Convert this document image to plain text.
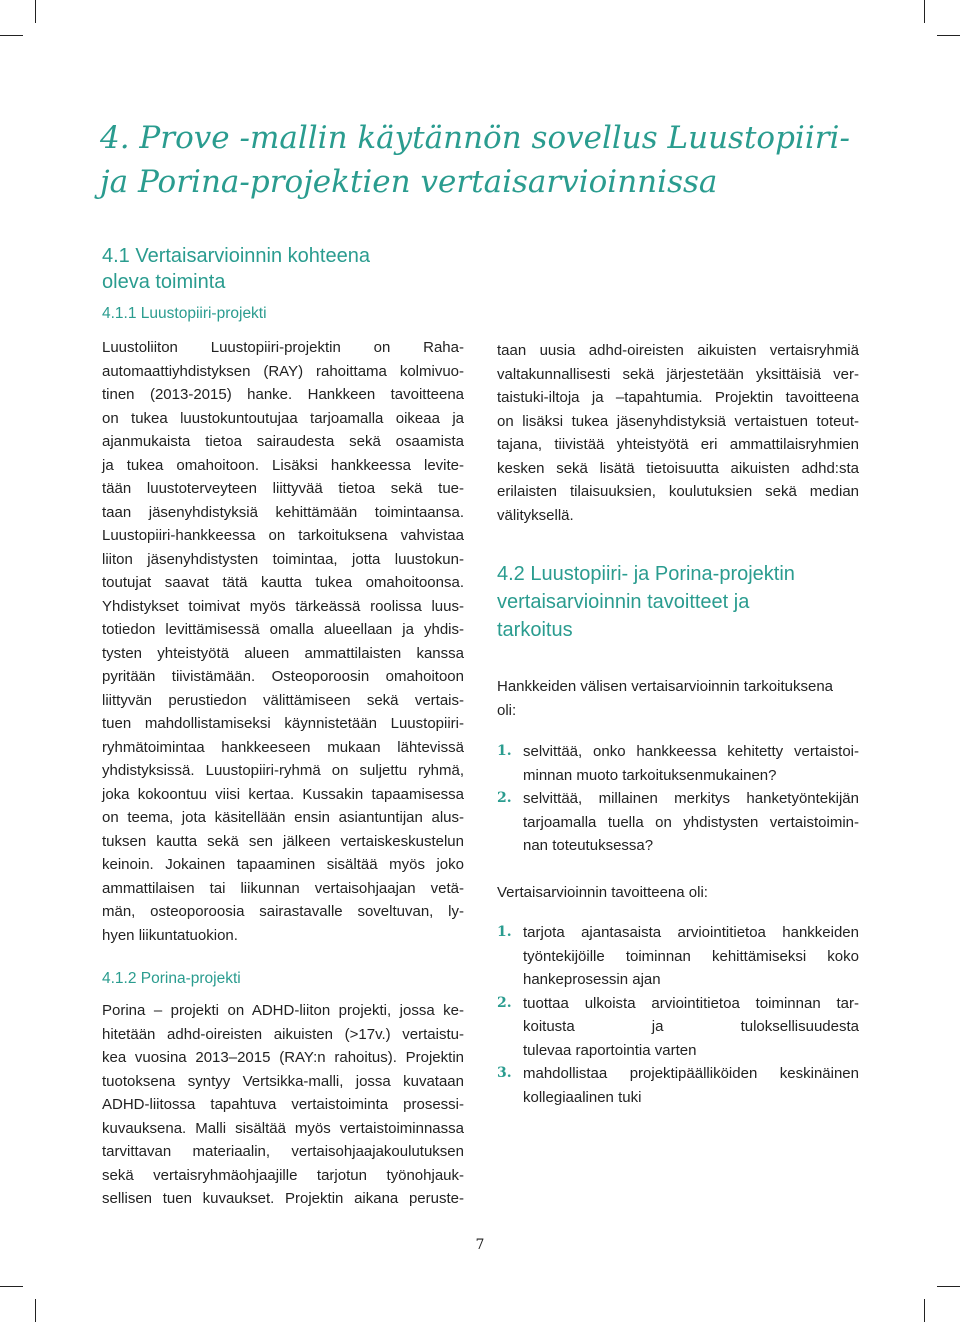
4. Prove -mallin käytännön sovellus Luustopiiri-
ja Porina-projektien vertaisarvioinnissa
4.1 Vertaisarvioinnin kohteena
oleva toiminta
4.1.1 Luustopiiri-projekti

Luustoliiton Luustopiiri-projektin on Raha-
automaattiyhdistyksen (RAY) rahoittama kolmivuo-
tinen (2013-2015) hanke. Hankkeen tavoitteena
on tukea luustokuntoutujaa tarjoamalla oikeaa ja
ajanmukaista tietoa sairaudesta sekä osaamista
ja tukea omahoitoon. Lisäksi hankkeessa levite-
tään luustoterveyteen liittyvää tietoa sekä tue-
taan jäsenyhdistyksiä kehittämään toimintaansa.
Luustopiiri-hankkeessa on tarkoituksena vahvistaa
liiton jäsenyhdistysten toimintaa, jotta luustokun-
toutujat saavat tätä kautta tukea omahoitoonsa.
Yhdistykset toimivat myös tärkeässä roolissa luus-
totiedon levittämisessä omalla alueellaan ja yhdis-
tysten yhteistyötä alueen ammattilaisten kanssa
pyritään tiivistämään. Osteoporoosin omahoitoon
liittyvän perustiedon välittämiseen sekä vertais-
tuen mahdollistamiseksi käynnistetään Luustopiiri-
ryhmätoimintaa hankkeeseen mukaan lähtevissä
yhdistyksissä. Luustopiiri-ryhmä on suljettu ryhmä,
joka kokoontuu viisi kertaa. Kussakin tapaamisessa
on teema, jota käsitellään ensin asiantuntijan alus-
tuksen kautta sekä sen jälkeen vertaiskeskustelun
keinoin. Jokainen tapaaminen sisältää myös joko
ammattilaisen tai liikunnan vertaisohjaajan vetä-
män, osteoporoosia sairastavalle soveltuvan, ly-
hyen liikuntatuokion.

4.1.2 Porina-projekti

Porina – projekti on ADHD-liiton projekti, jossa ke-
hitetään adhd-oireisten aikuisten (>17v.) vertaistu-
kea vuosina 2013–2015 (RAY:n rahoitus). Projektin
tuotoksena syntyy Vertsikka-malli, jossa kuvataan
ADHD-liitossa tapahtuva vertaistoiminta prosessi-
kuvauksena. Malli sisältää myös vertaistoiminnassa
tarvittavan materiaalin, vertaisohjaajakoulutuksen
sekä vertaisryhmäohjaajille tarjotun työnohjauk-
sellisen tuen kuvaukset. Projektin aikana peruste-

taan uusia adhd-oireisten aikuisten vertaisryhmiä
valtakunnallisesti sekä järjestetään yksittäisiä ver-
taistuki-iltoja ja –tapahtumia. Projektin tavoitteena
on lisäksi tukea jäsenyhdistyksiä vertaistuen toteut-
tajana, tiivistää yhteistyötä eri ammattilaisryhmien
kesken sekä lisätä tietoisuutta aikuisten adhd:sta
erilaisten tilaisuuksien, koulutuksien sekä median
välityksellä.

4.2 Luustopiiri- ja Porina-projektin
vertaisarvioinnin tavoitteet ja
tarkoitus

Hankkeiden välisen vertaisarvioinnin tarkoituksena
oli:

1. selvittää, onko hankkeessa kehitetty vertaistoi-
minnan muoto tarkoituksenmukainen?
2. selvittää, millainen merkitys hanketyöntekijän
tarjoamalla tuella on yhdistysten vertaistoimin-
nan toteutuksessa?

Vertaisarvioinnin tavoitteena oli:

1. tarjota ajantasaista arviointitietoa hankkeiden
työntekijöille toiminnan kehittämiseksi koko
hankeprosessin ajan
2. tuottaa ulkoista arviointitietoa toiminnan tar-
koitusta ja tuloksellisuudesta
tulevaa raportointia varten
3. mahdollistaa projektipäälliköiden keskinäinen
kollegiaalinen tuki
7
